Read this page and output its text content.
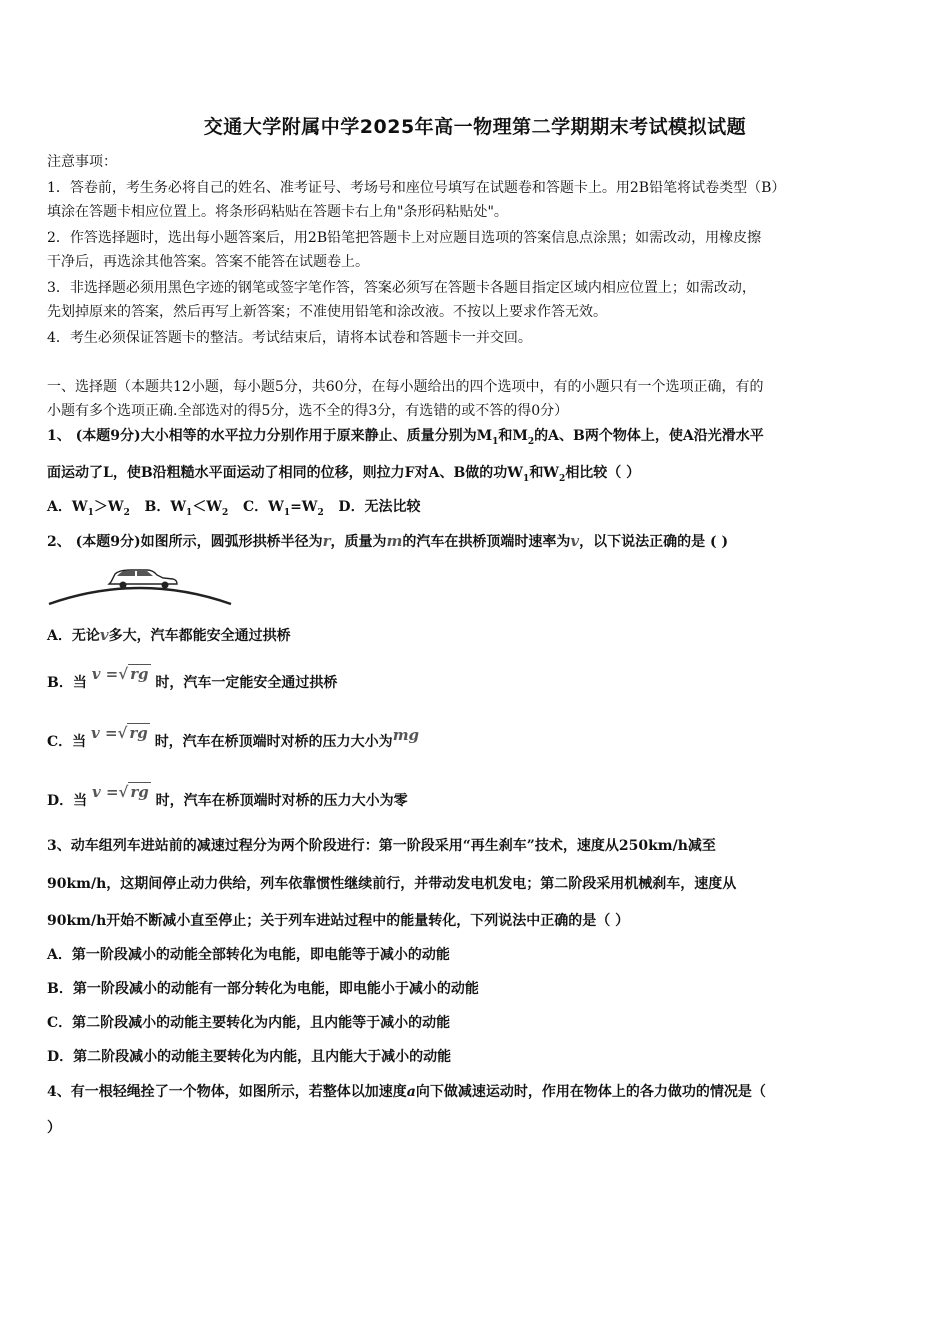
交通大学附属中学2025年高一物理第二学期期末考试模拟试题
注意事项：
1．答卷前，考生务必将自己的姓名、准考证号、考场号和座位号填写在试题卷和答题卡上。用2B铅笔将试卷类型（B）
填涂在答题卡相应位置上。将条形码粘贴在答题卡右上角"条形码粘贴处"。
2．作答选择题时，选出每小题答案后，用2B铅笔把答题卡上对应题目选项的答案信息点涂黑；如需改动，用橡皮擦
干净后，再选涂其他答案。答案不能答在试题卷上。
3．非选择题必须用黑色字迹的钢笔或签字笔作答，答案必须写在答题卡各题目指定区域内相应位置上；如需改动，
先划掉原来的答案，然后再写上新答案；不准使用铅笔和涂改液。不按以上要求作答无效。
4．考生必须保证答题卡的整洁。考试结束后，请将本试卷和答题卡一并交回。
一、选择题（本题共12小题，每小题5分，共60分，在每小题给出的四个选项中，有的小题只有一个选项正确，有的
小题有多个选项正确.全部选对的得5分，选不全的得3分，有选错的或不答的得0分）
1、 (本题9分)大小相等的水平拉力分别作用于原来静止、质量分别为$M_1$和$M_2$的A、B两个物体上，使A沿光滑水平
面运动了L，使B沿粗糙水平面运动了相同的位移，则拉力F对A、B做的功$W_1$和$W_2$相比较（ ）
A．$W_1>W_2$ B．$W_1<W_2$ C．$W_1=W_2$ D．无法比较
2、 (本题9分)如图所示，圆弧形拱桥半径为r，质量为m的汽车在拱桥顶端时速率为v，以下说法正确的是 ( )
A．无论v多大，汽车都能安全通过拱桥
B．当 v =√ rg 时，汽车一定能安全通过拱桥
C．当 v =√ rg 时，汽车在桥顶端时对桥的压力大小为mg
D．当 v =√ rg 时，汽车在桥顶端时对桥的压力大小为零
3、动车组列车进站前的减速过程分为两个阶段进行：第一阶段采用“再生刹车”技术，速度从250km/h减至
90km/h，这期间停止动力供给，列车依靠惯性继续前行，并带动发电机发电；第二阶段采用机械刹车，速度从
90km/h开始不断减小直至停止；关于列车进站过程中的能量转化，下列说法中正确的是（ ）
A．第一阶段减小的动能全部转化为电能，即电能等于减小的动能
B．第一阶段减小的动能有一部分转化为电能，即电能小于减小的动能
C．第二阶段减小的动能主要转化为内能，且内能等于减小的动能
D．第二阶段减小的动能主要转化为内能，且内能大于减小的动能
4、有一根轻绳拴了一个物体，如图所示，若整体以加速度a向下做减速运动时，作用在物体上的各力做功的情况是（
）
